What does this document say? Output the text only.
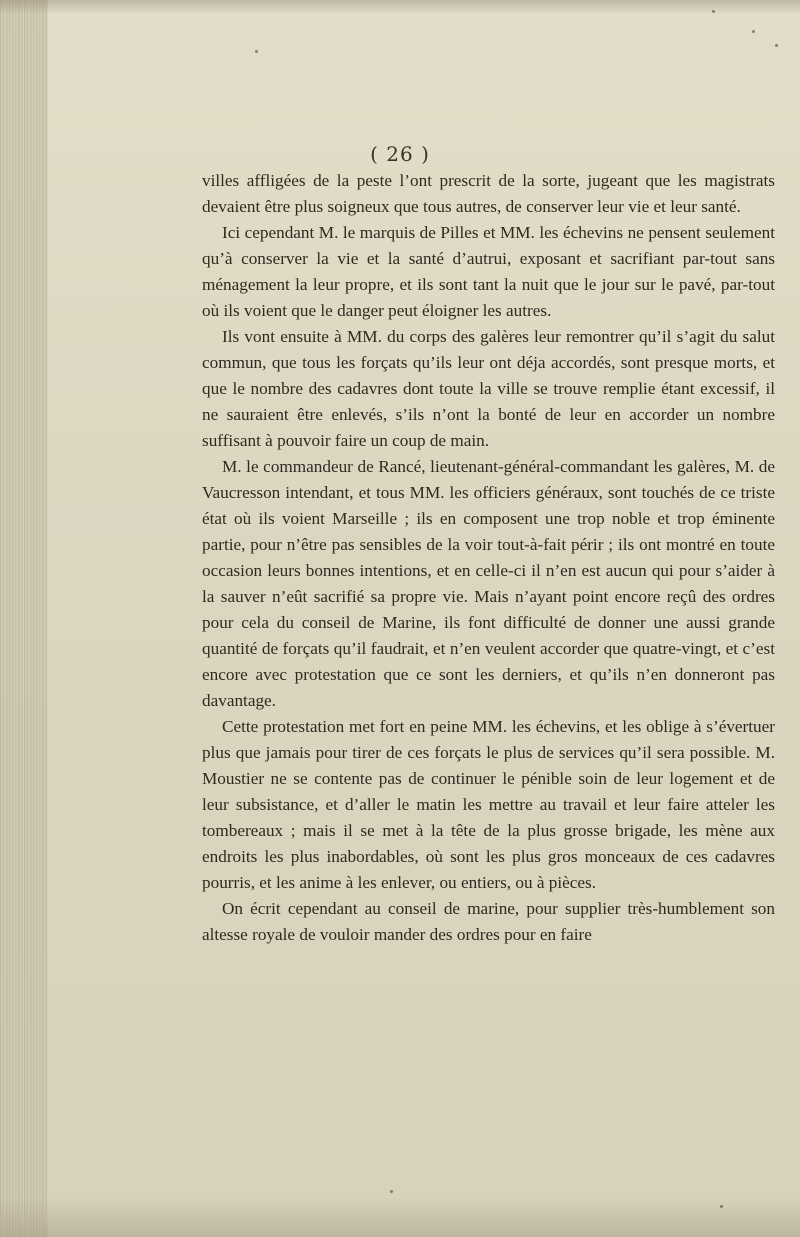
( 26 )

villes affligées de la peste l’ont prescrit de la sorte, jugeant que les magistrats devaient être plus soigneux que tous autres, de conserver leur vie et leur santé.

Ici cependant M. le marquis de Pilles et MM. les échevins ne pensent seulement qu’à conserver la vie et la santé d’autrui, exposant et sacrifiant par-tout sans ménagement la leur propre, et ils sont tant la nuit que le jour sur le pavé, par-tout où ils voient que le danger peut éloigner les autres.

Ils vont ensuite à MM. du corps des galères leur remontrer qu’il s’agit du salut commun, que tous les forçats qu’ils leur ont déja accordés, sont presque morts, et que le nombre des cadavres dont toute la ville se trouve remplie étant excessif, il ne sauraient être enlevés, s’ils n’ont la bonté de leur en accorder un nombre suffisant à pouvoir faire un coup de main.

M. le commandeur de Rancé, lieutenant-général-commandant les galères, M. de Vaucresson intendant, et tous MM. les officiers généraux, sont touchés de ce triste état où ils voient Marseille ; ils en composent une trop noble et trop éminente partie, pour n’être pas sensibles de la voir tout-à-fait périr ; ils ont montré en toute occasion leurs bonnes intentions, et en celle-ci il n’en est aucun qui pour s’aider à la sauver n’eût sacrifié sa propre vie. Mais n’ayant point encore reçû des ordres pour cela du conseil de Marine, ils font difficulté de donner une aussi grande quantité de forçats qu’il faudrait, et n’en veulent accorder que quatre-vingt, et c’est encore avec protestation que ce sont les derniers, et qu’ils n’en donneront pas davantage.

Cette protestation met fort en peine MM. les échevins, et les oblige à s’évertuer plus que jamais pour tirer de ces forçats le plus de services qu’il sera possible. M. Moustier ne se contente pas de continuer le pénible soin de leur logement et de leur subsistance, et d’aller le matin les mettre au travail et leur faire atteler les tombereaux ; mais il se met à la tête de la plus grosse brigade, les mène aux endroits les plus inabordables, où sont les plus gros monceaux de ces cadavres pourris, et les anime à les enlever, ou entiers, ou à pièces.

On écrit cependant au conseil de marine, pour supplier très-humblement son altesse royale de vouloir mander des ordres pour en faire
